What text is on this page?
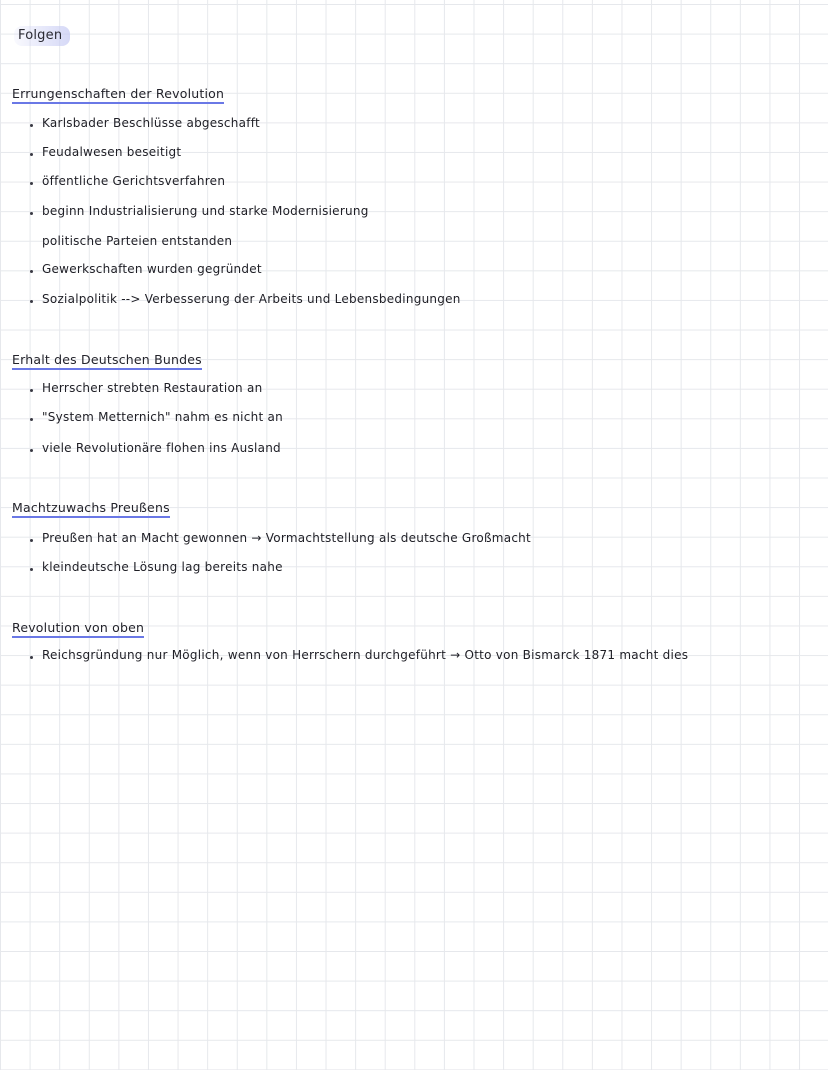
Folgen
Errungenschaften der Revolution
Karlsbader Beschlüsse abgeschafft
Feudalwesen beseitigt
öffentliche Gerichtsverfahren
beginn Industrialisierung und starke Modernisierung
politische Parteien entstanden
Gewerkschaften wurden gegründet
Sozialpolitik --> Verbesserung der Arbeits und Lebensbedingungen
Erhalt des Deutschen Bundes
Herrscher strebten Restauration an
"System Metternich" nahm es nicht an
viele Revolutionäre flohen ins Ausland
Machtzuwachs Preußens
Preußen hat an Macht gewonnen → Vormachtstellung als deutsche Großmacht
kleindeutsche Lösung lag bereits nahe
Revolution von oben
Reichsgründung nur Möglich, wenn von Herrschern durchgeführt → Otto von Bismarck 1871 macht dies
